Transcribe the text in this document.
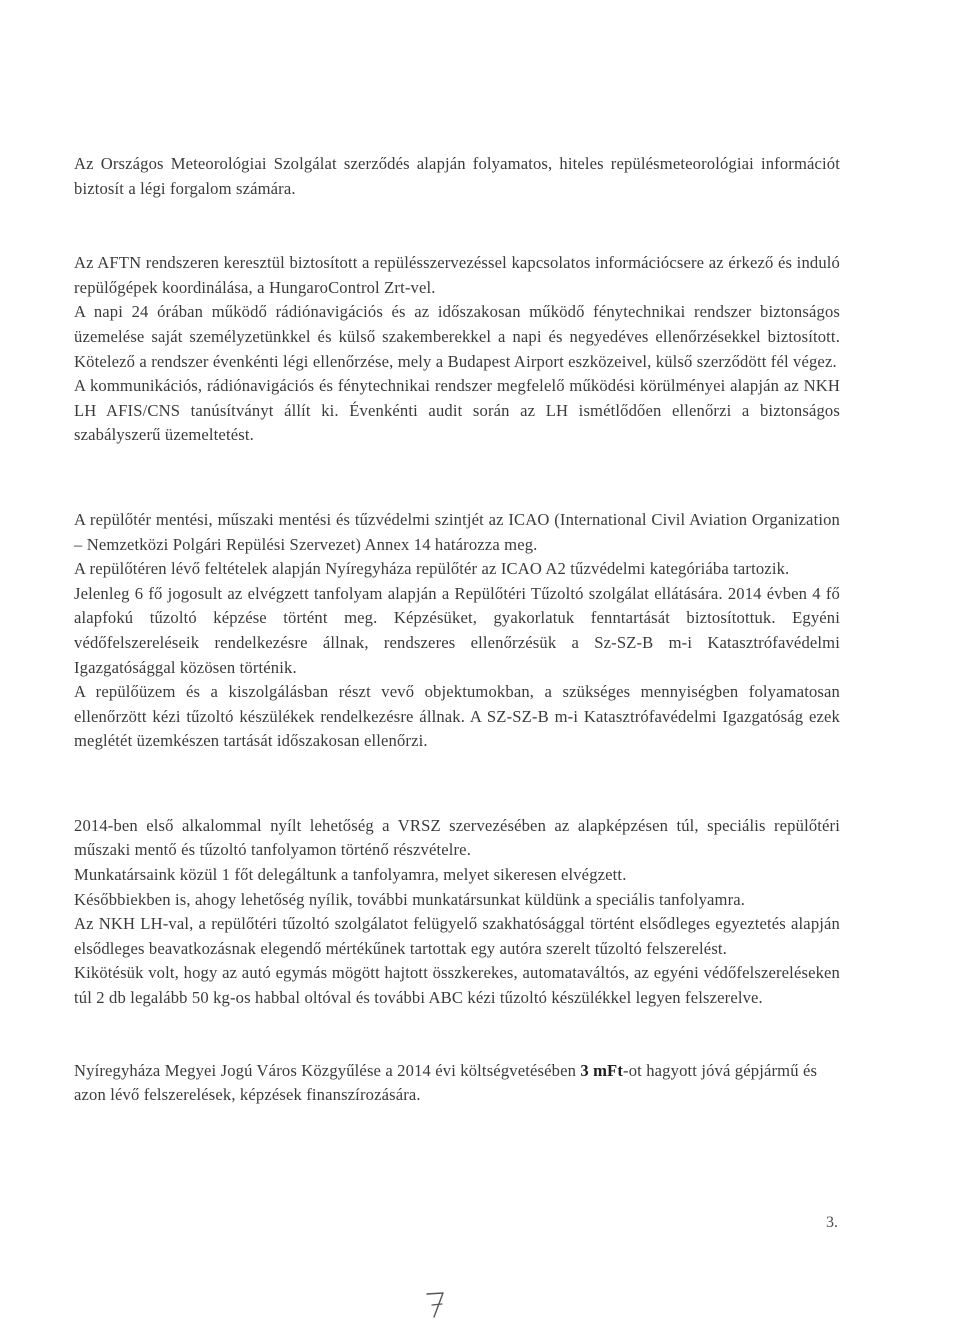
Az Országos Meteorológiai Szolgálat szerződés alapján folyamatos, hiteles repülésmeteorológiai információt biztosít a légi forgalom számára.

Az AFTN rendszeren keresztül biztosított a repülésszervezéssel kapcsolatos információcsere az érkező és induló repülőgépek koordinálása, a HungaroControl Zrt-vel.

A napi 24 órában működő rádiónavigációs és az időszakosan működő fénytechnikai rendszer biztonságos üzemelése saját személyzetünkkel és külső szakemberekkel a napi és negyedéves ellenőrzésekkel biztosított. Kötelező a rendszer évenkénti légi ellenőrzése, mely a Budapest Airport eszközeivel, külső szerződött fél végez.

A kommunikációs, rádiónavigációs és fénytechnikai rendszer megfelelő működési körülményei alapján az NKH LH AFIS/CNS tanúsítványt állít ki. Évenkénti audit során az LH ismétlődően ellenőrzi a biztonságos szabályszerű üzemeltetést.

A repülőtér mentési, műszaki mentési és tűzvédelmi szintjét az ICAO (International Civil Aviation Organization – Nemzetközi Polgári Repülési Szervezet) Annex 14 határozza meg.

A repülőtéren lévő feltételek alapján Nyíregyháza repülőtér az ICAO A2 tűzvédelmi kategóriába tartozik.

Jelenleg 6 fő jogosult az elvégzett tanfolyam alapján a Repülőtéri Tűzoltó szolgálat ellátására. 2014 évben 4 fő alapfokú tűzoltó képzése történt meg. Képzésüket, gyakorlatuk fenntartását biztosítottuk. Egyéni védőfelszereléseik rendelkezésre állnak, rendszeres ellenőrzésük a Sz-SZ-B m-i Katasztrófavédelmi Igazgatósággal közösen történik.

A repülőüzem és a kiszolgálásban részt vevő objektumokban, a szükséges mennyiségben folyamatosan ellenőrzött kézi tűzoltó készülékek rendelkezésre állnak. A SZ-SZ-B m-i Katasztrófavédelmi Igazgatóság ezek meglétét üzemkészen tartását időszakosan ellenőrzi.

2014-ben első alkalommal nyílt lehetőség a VRSZ szervezésében az alapképzésen túl, speciális repülőtéri műszaki mentő és tűzoltó tanfolyamon történő részvételre.

Munkatársaink közül 1 főt delegáltunk a tanfolyamra, melyet sikeresen elvégzett.

Későbbiekben is, ahogy lehetőség nyílik, további munkatársunkat küldünk a speciális tanfolyamra.

Az NKH LH-val, a repülőtéri tűzoltó szolgálatot felügyelő szakhatósággal történt elsődleges egyeztetés alapján elsődleges beavatkozásnak elegendő mértékűnek tartottak egy autóra szerelt tűzoltó felszerelést.

Kikötésük volt, hogy az autó egymás mögött hajtott összkerekes, automataváltós, az egyéni védőfelszereléseken túl 2 db legalább 50 kg-os habbal oltóval és további ABC kézi tűzoltó készülékkel legyen felszerelve.

Nyíregyháza Megyei Jogú Város Közgyűlése a 2014 évi költségvetésében 3 mFt-ot hagyott jóvá gépjármű és azon lévő felszerelések, képzések finanszírozására.

3.
